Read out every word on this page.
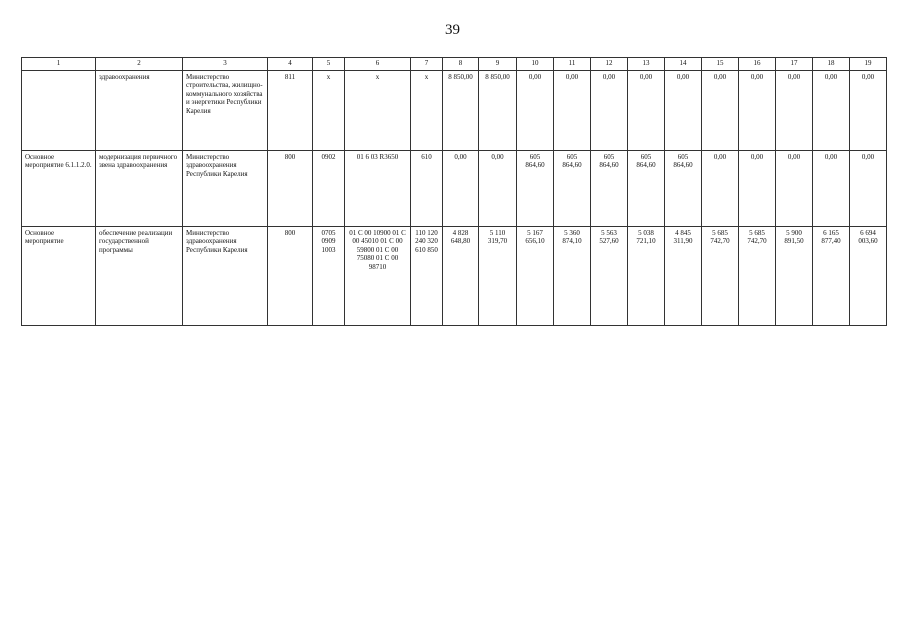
39
1	2	3	4	5	6	7	8	9	10	11	12	13	14	15	16	17	18	19
	здравоохранения	Министерство строительства, жилищно-коммунального хозяйства и энергетики Республики Карелия	811	x	x	x	8 850,00	8 850,00	0,00	0,00	0,00	0,00	0,00	0,00	0,00	0,00	0,00	0,00
Основное мероприятие 6.1.1.2.0.	модернизация первичного звена здравоохранения	Министерство здравоохранения Республики Карелия	800	0902	01 6 03 R3650	610	0,00	0,00	605 864,60	605 864,60	605 864,60	605 864,60	605 864,60	0,00	0,00	0,00	0,00	0,00
Основное мероприятие	обеспечение реализации государственной программы	Министерство здравоохранения Республики Карелия	800	0705 0909 1003	01 С 00 10900 01 С 00 45010 01 С 00 59800 01 С 00 75080 01 С 00 98710	110 120 240 320 610 850	4 828 648,80	5 110 319,70	5 167 656,10	5 360 874,10	5 563 527,60	5 038 721,10	4 845 311,90	5 685 742,70	5 685 742,70	5 900 891,50	6 165 877,40	6 694 003,60
